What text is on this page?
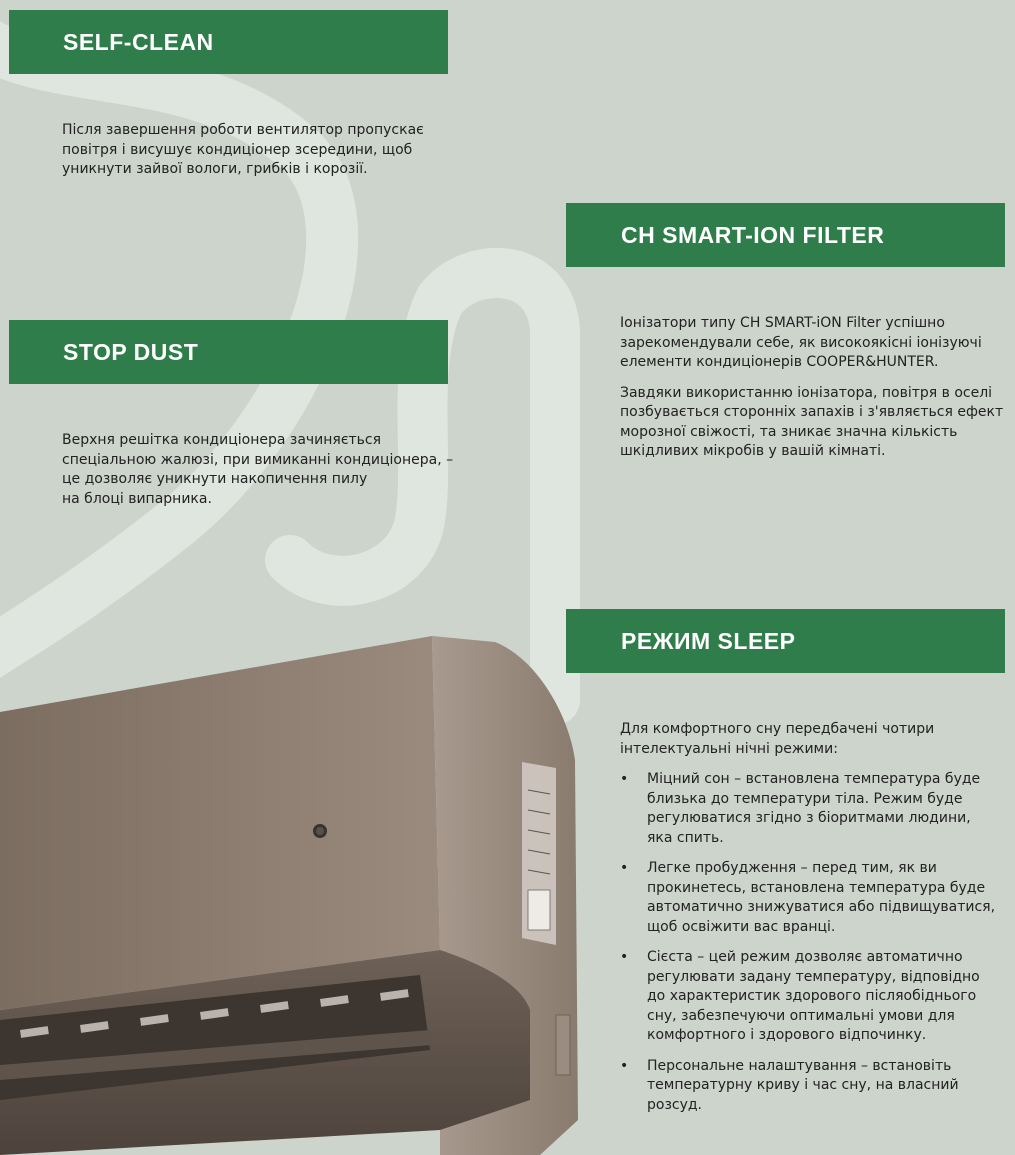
SELF-CLEAN
STOP DUST
CH SMART-ION FILTER
РЕЖИМ SLEEP
Після завершення роботи вентилятор пропускає
повітря і висушує кондиціонер зсередини, щоб
уникнути зайвої вологи, грибків і корозії.
Верхня решітка кондиціонера зачиняється
спеціальною жалюзі, при вимиканні кондиціонера, –
це дозволяє уникнути накопичення пилу
на блоці випарника.

Іонізатори типу CH SMART-iON Filter успішно
зарекомендували себе, як високоякісні іонізуючі
елементи кондиціонерів COOPER&HUNTER.

Завдяки використанню іонізатора, повітря в оселі
позбувається сторонніх запахів і з'являється ефект
морозної свіжості, та зникає значна кількість
шкідливих мікробів у вашій кімнаті.

Для комфортного сну передбачені чотири
інтелектуальні нічні режими:

• Міцний сон – встановлена температура буде
близька до температури тіла. Режим буде
регулюватися згідно з біоритмами людини,
яка спить.
• Легке пробудження – перед тим, як ви
прокинетесь, встановлена температура буде
автоматично знижуватися або підвищуватися,
щоб освіжити вас вранці.
• Сієста – цей режим дозволяє автоматично
регулювати задану температуру, відповідно
до характеристик здорового післяобіднього
сну, забезпечуючи оптимальні умови для
комфортного і здорового відпочинку.
• Персональне налаштування – встановіть
температурну криву і час сну, на власний
розсуд.
